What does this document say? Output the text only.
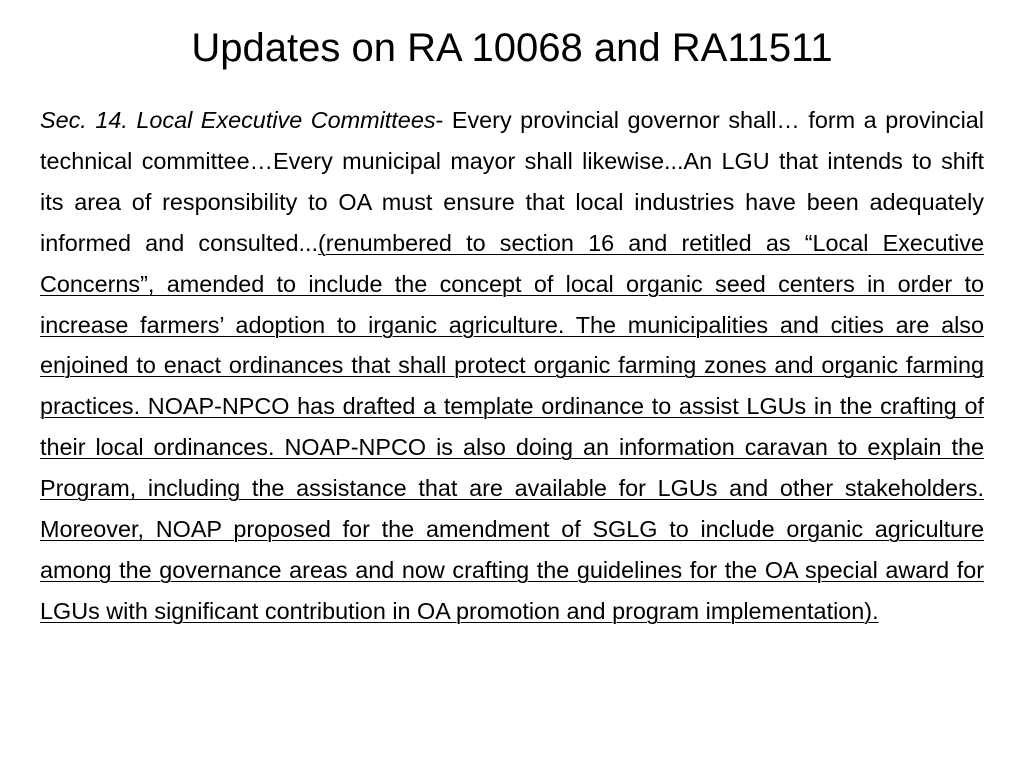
Updates on RA 10068 and RA11511

Sec. 14. Local Executive Committees- Every provincial governor shall… form a provincial technical committee…Every municipal mayor shall likewise...An LGU that intends to shift its area of responsibility to OA must ensure that local industries have been adequately informed and consulted...(renumbered to section 16 and retitled as “Local Executive Concerns”, amended to include the concept of local organic seed centers in order to increase farmers’ adoption to irganic agriculture. The municipalities and cities are also enjoined to enact ordinances that shall protect organic farming zones and organic farming practices. NOAP-NPCO has drafted a template ordinance to assist LGUs in the crafting of their local ordinances. NOAP-NPCO is also doing an information caravan to explain the Program, including the assistance that are available for LGUs and other stakeholders. Moreover, NOAP proposed for the amendment of SGLG to include organic agriculture among the governance areas and now crafting the guidelines for the OA special award for LGUs with significant contribution in OA promotion and program implementation).
